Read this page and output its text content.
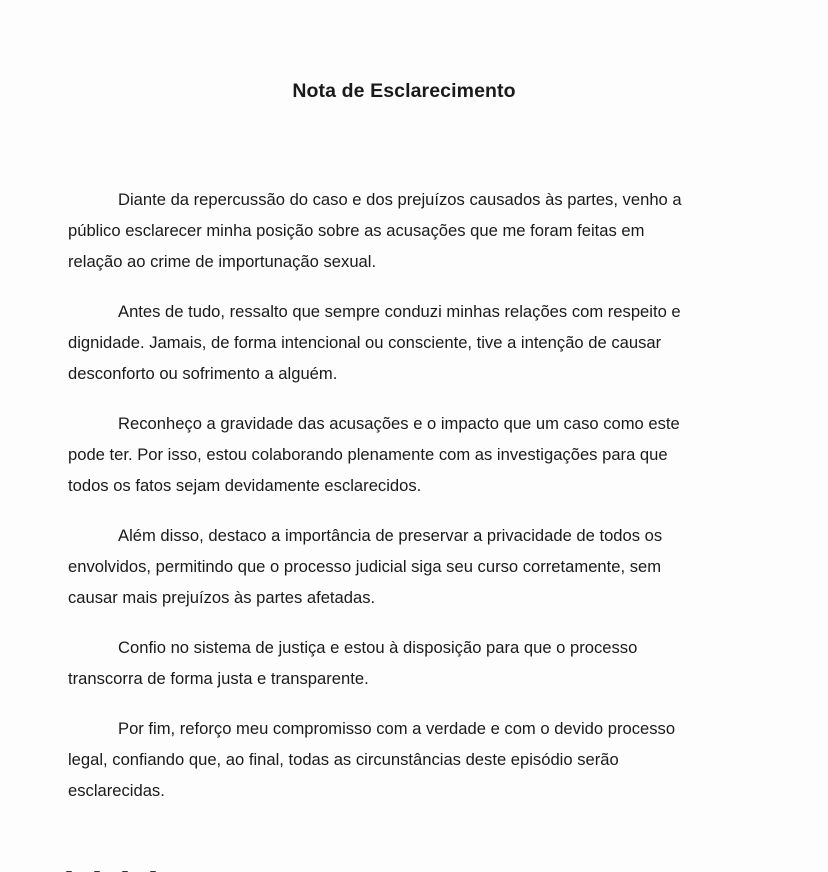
Nota de Esclarecimento

Diante da repercussão do caso e dos prejuízos causados às partes, venho a
público esclarecer minha posição sobre as acusações que me foram feitas em
relação ao crime de importunação sexual.

Antes de tudo, ressalto que sempre conduzi minhas relações com respeito e
dignidade. Jamais, de forma intencional ou consciente, tive a intenção de causar
desconforto ou sofrimento a alguém.

Reconheço a gravidade das acusações e o impacto que um caso como este
pode ter. Por isso, estou colaborando plenamente com as investigações para que
todos os fatos sejam devidamente esclarecidos.

Além disso, destaco a importância de preservar a privacidade de todos os
envolvidos, permitindo que o processo judicial siga seu curso corretamente, sem
causar mais prejuízos às partes afetadas.

Confio no sistema de justiça e estou à disposição para que o processo
transcorra de forma justa e transparente.

Por fim, reforço meu compromisso com a verdade e com o devido processo
legal, confiando que, ao final, todas as circunstâncias deste episódio serão
esclarecidas.
